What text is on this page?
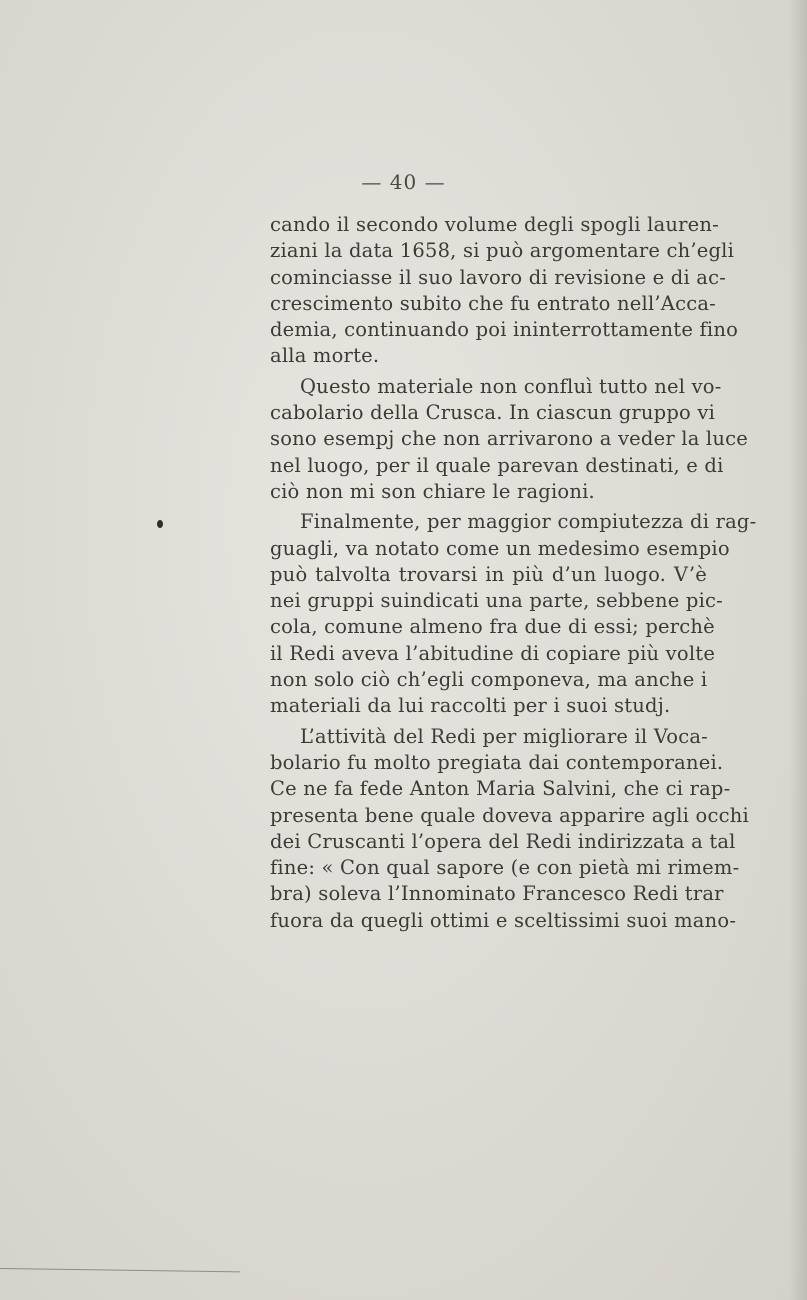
— 40 —
cando il secondo volume degli spogli lauren-
ziani la data 1658, si può argomentare ch’egli
cominciasse il suo lavoro di revisione e di ac-
crescimento subito che fu entrato nell’Acca-
demia, continuando poi ininterrottamente fino
alla morte.
Questo materiale non confluì tutto nel vo-
cabolario della Crusca. In ciascun gruppo vi
sono esempj che non arrivarono a veder la luce
nel luogo, per il quale parevan destinati, e di
ciò non mi son chiare le ragioni.
Finalmente, per maggior compiutezza di rag-
guagli, va notato come un medesimo esempio
può talvolta trovarsi in più d’un luogo. V’è
nei gruppi suindicati una parte, sebbene pic-
cola, comune almeno fra due di essi; perchè
il Redi aveva l’abitudine di copiare più volte
non solo ciò ch’egli componeva, ma anche i
materiali da lui raccolti per i suoi studj.
L’attività del Redi per migliorare il Voca-
bolario fu molto pregiata dai contemporanei.
Ce ne fa fede Anton Maria Salvini, che ci rap-
presenta bene quale doveva apparire agli occhi
dei Cruscanti l’opera del Redi indirizzata a tal
fine: « Con qual sapore (e con pietà mi rimem-
bra) soleva l’Innominato Francesco Redi trar
fuora da quegli ottimi e sceltissimi suoi mano-
